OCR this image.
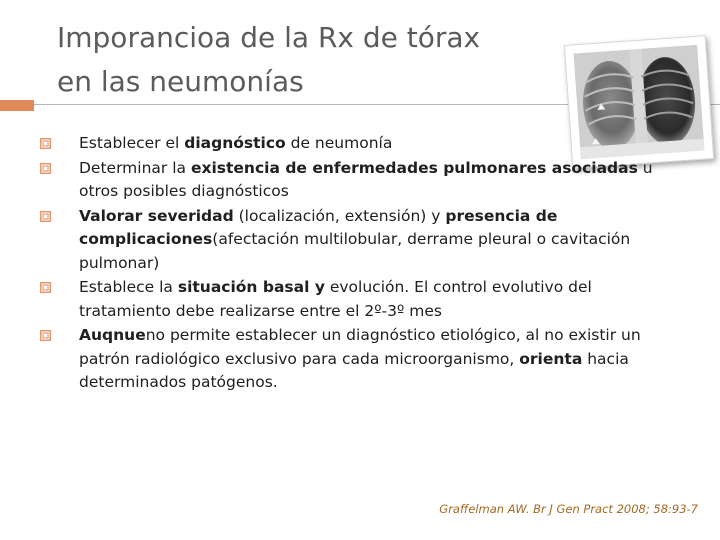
Imporancioa de la Rx de tórax
en las neumonías
Establecer el diagnóstico de neumonía
Determinar la existencia de enfermedades pulmonares asociadas u otros posibles diagnósticos
Valorar severidad (localización, extensión) y presencia de complicaciones(afectación multilobular, derrame pleural o cavitación pulmonar)
Establece la situación basal y evolución. El control evolutivo del tratamiento debe realizarse entre el 2º-3º mes
Auqnueno permite establecer un diagnóstico etiológico, al no existir un patrón radiológico exclusivo para cada microorganismo, orienta hacia determinados patógenos.
Graffelman AW. Br J Gen Pract 2008; 58:93-7
